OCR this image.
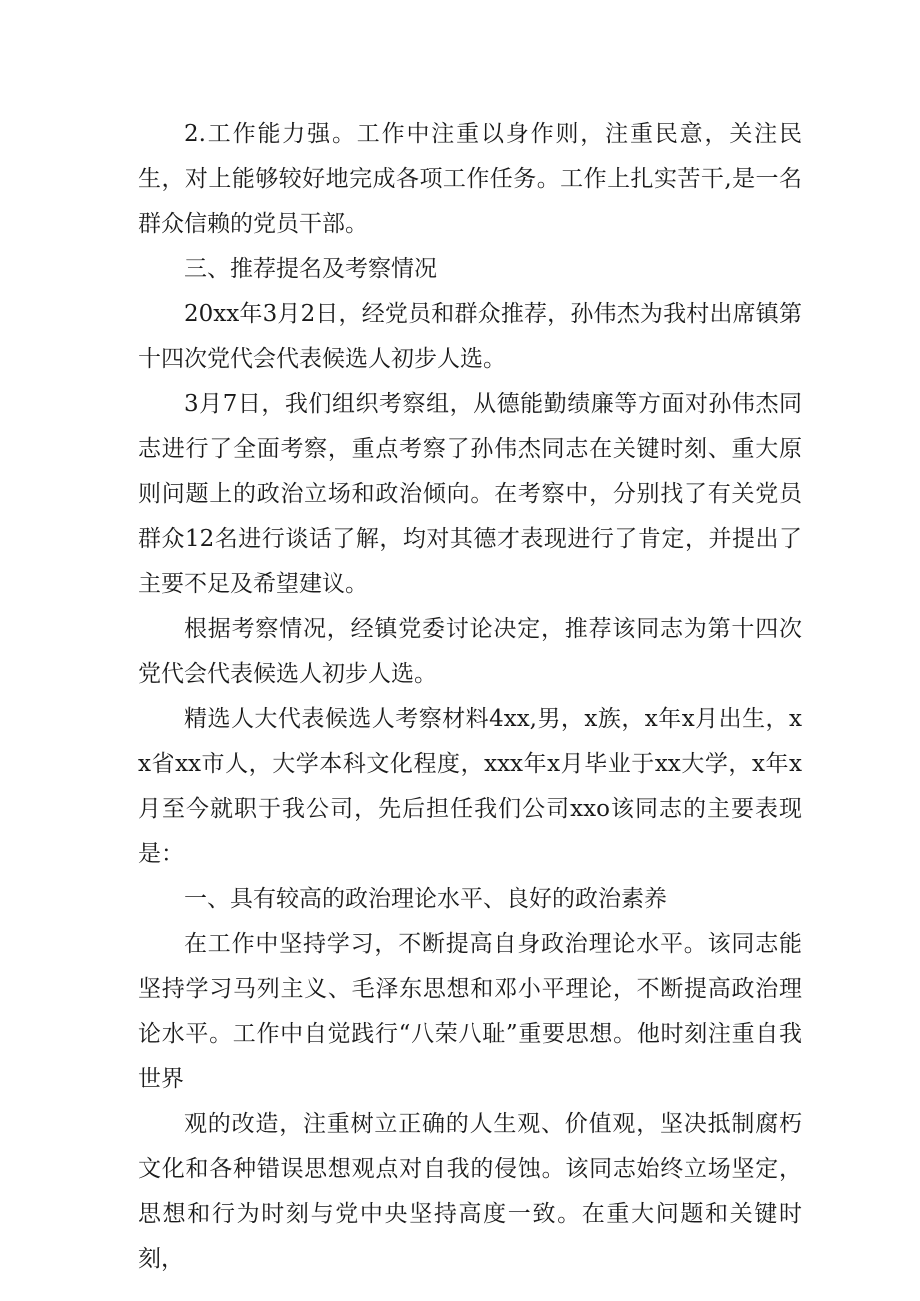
2.工作能力强。工作中注重以身作则，注重民意，关注民生，对上能够较好地完成各项工作任务。工作上扎实苦干,是一名群众信赖的党员干部。

三、推荐提名及考察情况

20xx年3月2日，经党员和群众推荐，孙伟杰为我村出席镇第十四次党代会代表候选人初步人选。

3月7日，我们组织考察组，从德能勤绩廉等方面对孙伟杰同志进行了全面考察，重点考察了孙伟杰同志在关键时刻、重大原则问题上的政治立场和政治倾向。在考察中，分别找了有关党员群众12名进行谈话了解，均对其德才表现进行了肯定，并提出了主要不足及希望建议。

根据考察情况，经镇党委讨论决定，推荐该同志为第十四次党代会代表候选人初步人选。

精选人大代表候选人考察材料4xx,男，x族，x年x月出生，xx省xx市人，大学本科文化程度，xxx年x月毕业于xx大学，x年x月至今就职于我公司，先后担任我们公司xxo该同志的主要表现是：

一、具有较高的政治理论水平、良好的政治素养

在工作中坚持学习，不断提高自身政治理论水平。该同志能坚持学习马列主义、毛泽东思想和邓小平理论，不断提高政治理论水平。工作中自觉践行“八荣八耻”重要思想。他时刻注重自我世界

观的改造，注重树立正确的人生观、价值观，坚决抵制腐朽文化和各种错误思想观点对自我的侵蚀。该同志始终立场坚定，思想和行为时刻与党中央坚持高度一致。在重大问题和关键时刻，
